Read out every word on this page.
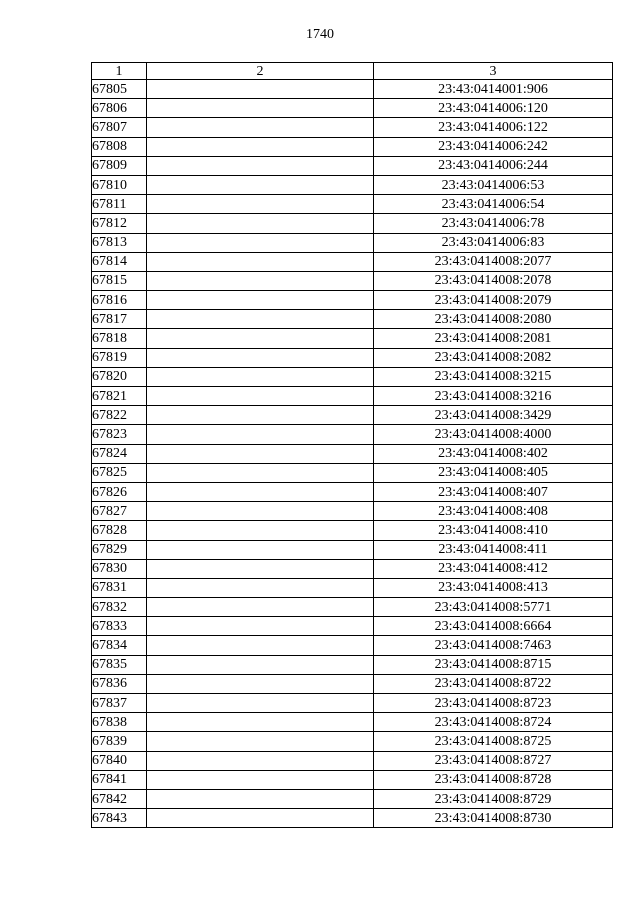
1740
1	2	3
67805		23:43:0414001:906
67806		23:43:0414006:120
67807		23:43:0414006:122
67808		23:43:0414006:242
67809		23:43:0414006:244
67810		23:43:0414006:53
67811		23:43:0414006:54
67812		23:43:0414006:78
67813		23:43:0414006:83
67814		23:43:0414008:2077
67815		23:43:0414008:2078
67816		23:43:0414008:2079
67817		23:43:0414008:2080
67818		23:43:0414008:2081
67819		23:43:0414008:2082
67820		23:43:0414008:3215
67821		23:43:0414008:3216
67822		23:43:0414008:3429
67823		23:43:0414008:4000
67824		23:43:0414008:402
67825		23:43:0414008:405
67826		23:43:0414008:407
67827		23:43:0414008:408
67828		23:43:0414008:410
67829		23:43:0414008:411
67830		23:43:0414008:412
67831		23:43:0414008:413
67832		23:43:0414008:5771
67833		23:43:0414008:6664
67834		23:43:0414008:7463
67835		23:43:0414008:8715
67836		23:43:0414008:8722
67837		23:43:0414008:8723
67838		23:43:0414008:8724
67839		23:43:0414008:8725
67840		23:43:0414008:8727
67841		23:43:0414008:8728
67842		23:43:0414008:8729
67843		23:43:0414008:8730
